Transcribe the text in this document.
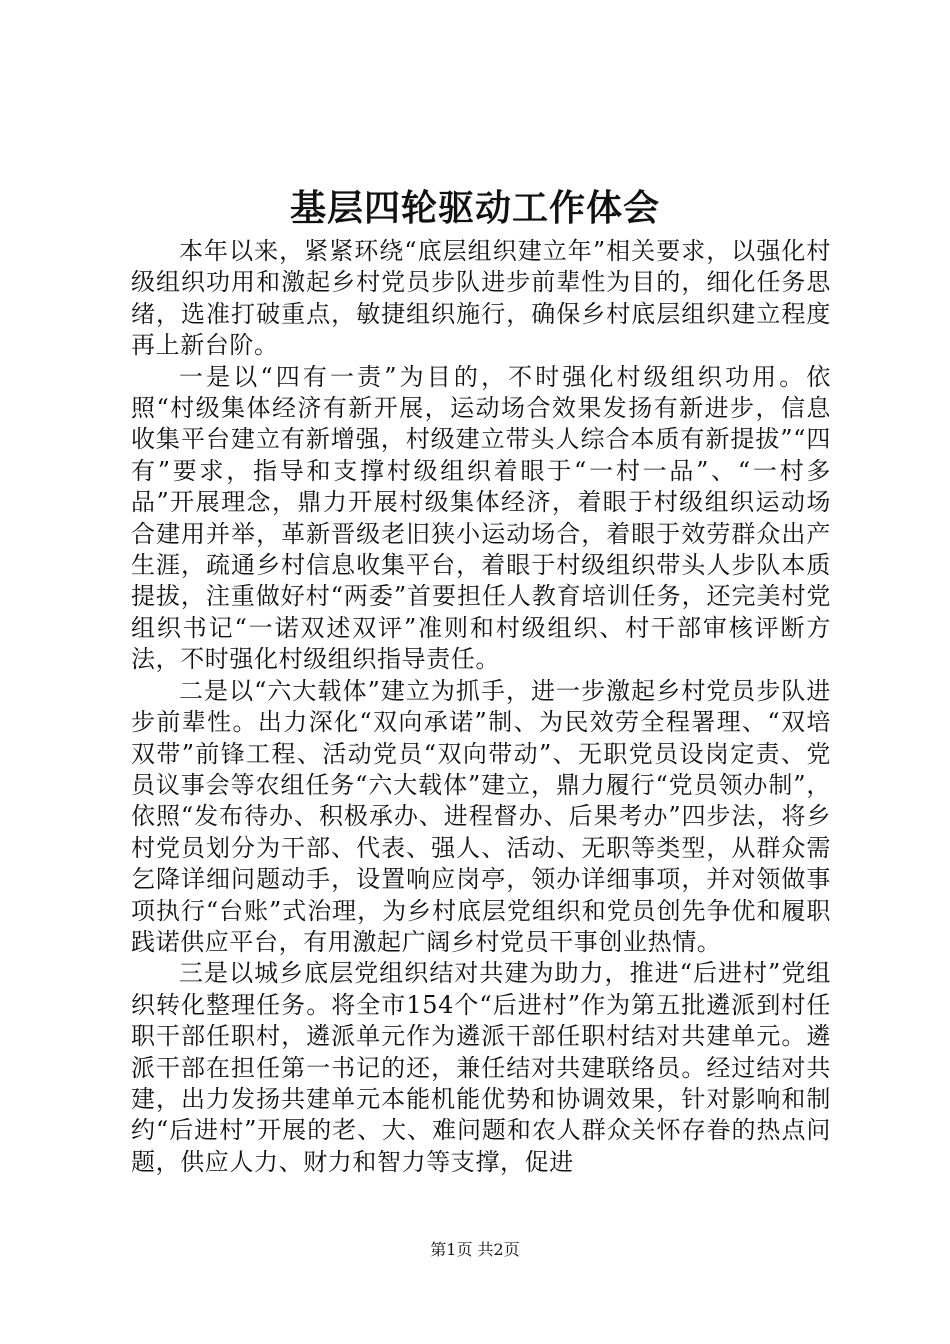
基层四轮驱动工作体会

本年以来，紧紧环绕“底层组织建立年”相关要求，以强化村级组织功用和激起乡村党员步队进步前辈性为目的，细化任务思绪，选准打破重点，敏捷组织施行，确保乡村底层组织建立程度再上新台阶。

一是以“四有一责”为目的，不时强化村级组织功用。依照“村级集体经济有新开展，运动场合效果发扬有新进步，信息收集平台建立有新增强，村级建立带头人综合本质有新提拔”“四有”要求，指导和支撑村级组织着眼于“一村一品”、“一村多品”开展理念，鼎力开展村级集体经济，着眼于村级组织运动场合建用并举，革新晋级老旧狭小运动场合，着眼于效劳群众出产生涯，疏通乡村信息收集平台，着眼于村级组织带头人步队本质提拔，注重做好村“两委”首要担任人教育培训任务，还完美村党组织书记“一诺双述双评”准则和村级组织、村干部审核评断方法，不时强化村级组织指导责任。

二是以“六大载体”建立为抓手，进一步激起乡村党员步队进步前辈性。出力深化“双向承诺”制、为民效劳全程署理、“双培双带”前锋工程、活动党员“双向带动”、无职党员设岗定责、党员议事会等农组任务“六大载体”建立，鼎力履行“党员领办制”，依照“发布待办、积极承办、进程督办、后果考办”四步法，将乡村党员划分为干部、代表、强人、活动、无职等类型，从群众需乞降详细问题动手，设置响应岗亭，领办详细事项，并对领做事项执行“台账”式治理，为乡村底层党组织和党员创先争优和履职践诺供应平台，有用激起广阔乡村党员干事创业热情。

三是以城乡底层党组织结对共建为助力，推进“后进村”党组织转化整理任务。将全市154个“后进村”作为第五批遴派到村任职干部任职村，遴派单元作为遴派干部任职村结对共建单元。遴派干部在担任第一书记的还，兼任结对共建联络员。经过结对共建，出力发扬共建单元本能机能优势和协调效果，针对影响和制约“后进村”开展的老、大、难问题和农人群众关怀存眷的热点问题，供应人力、财力和智力等支撑，促进

第1页 共2页
